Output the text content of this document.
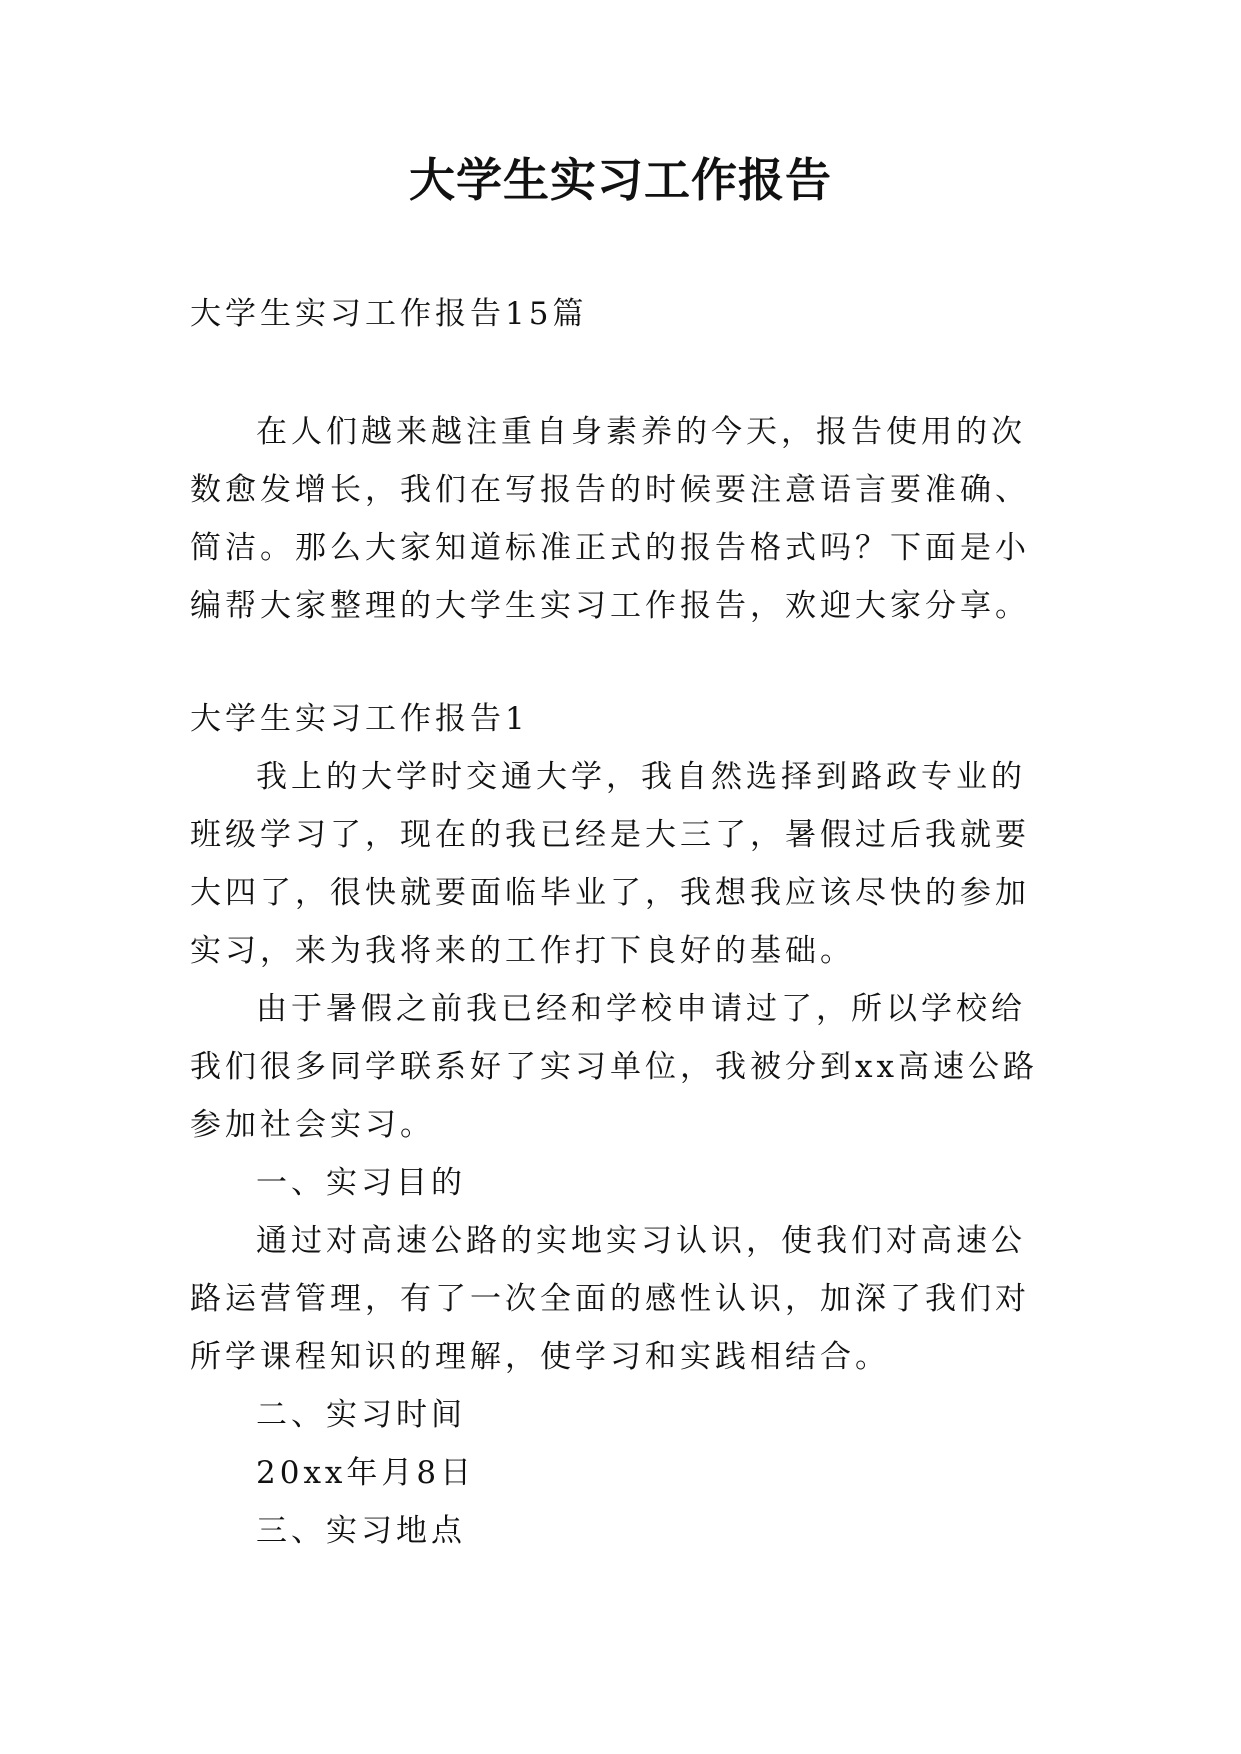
大学生实习工作报告

大学生实习工作报告15篇

在人们越来越注重自身素养的今天，报告使用的次数愈发增长，我们在写报告的时候要注意语言要准确、简洁。那么大家知道标准正式的报告格式吗？下面是小编帮大家整理的大学生实习工作报告，欢迎大家分享。

大学生实习工作报告1

我上的大学时交通大学，我自然选择到路政专业的班级学习了，现在的我已经是大三了，暑假过后我就要大四了，很快就要面临毕业了，我想我应该尽快的参加实习，来为我将来的工作打下良好的基础。

由于暑假之前我已经和学校申请过了，所以学校给我们很多同学联系好了实习单位，我被分到xx高速公路参加社会实习。

一、实习目的

通过对高速公路的实地实习认识，使我们对高速公路运营管理，有了一次全面的感性认识，加深了我们对所学课程知识的理解，使学习和实践相结合。

二、实习时间

20xx年月8日

三、实习地点
